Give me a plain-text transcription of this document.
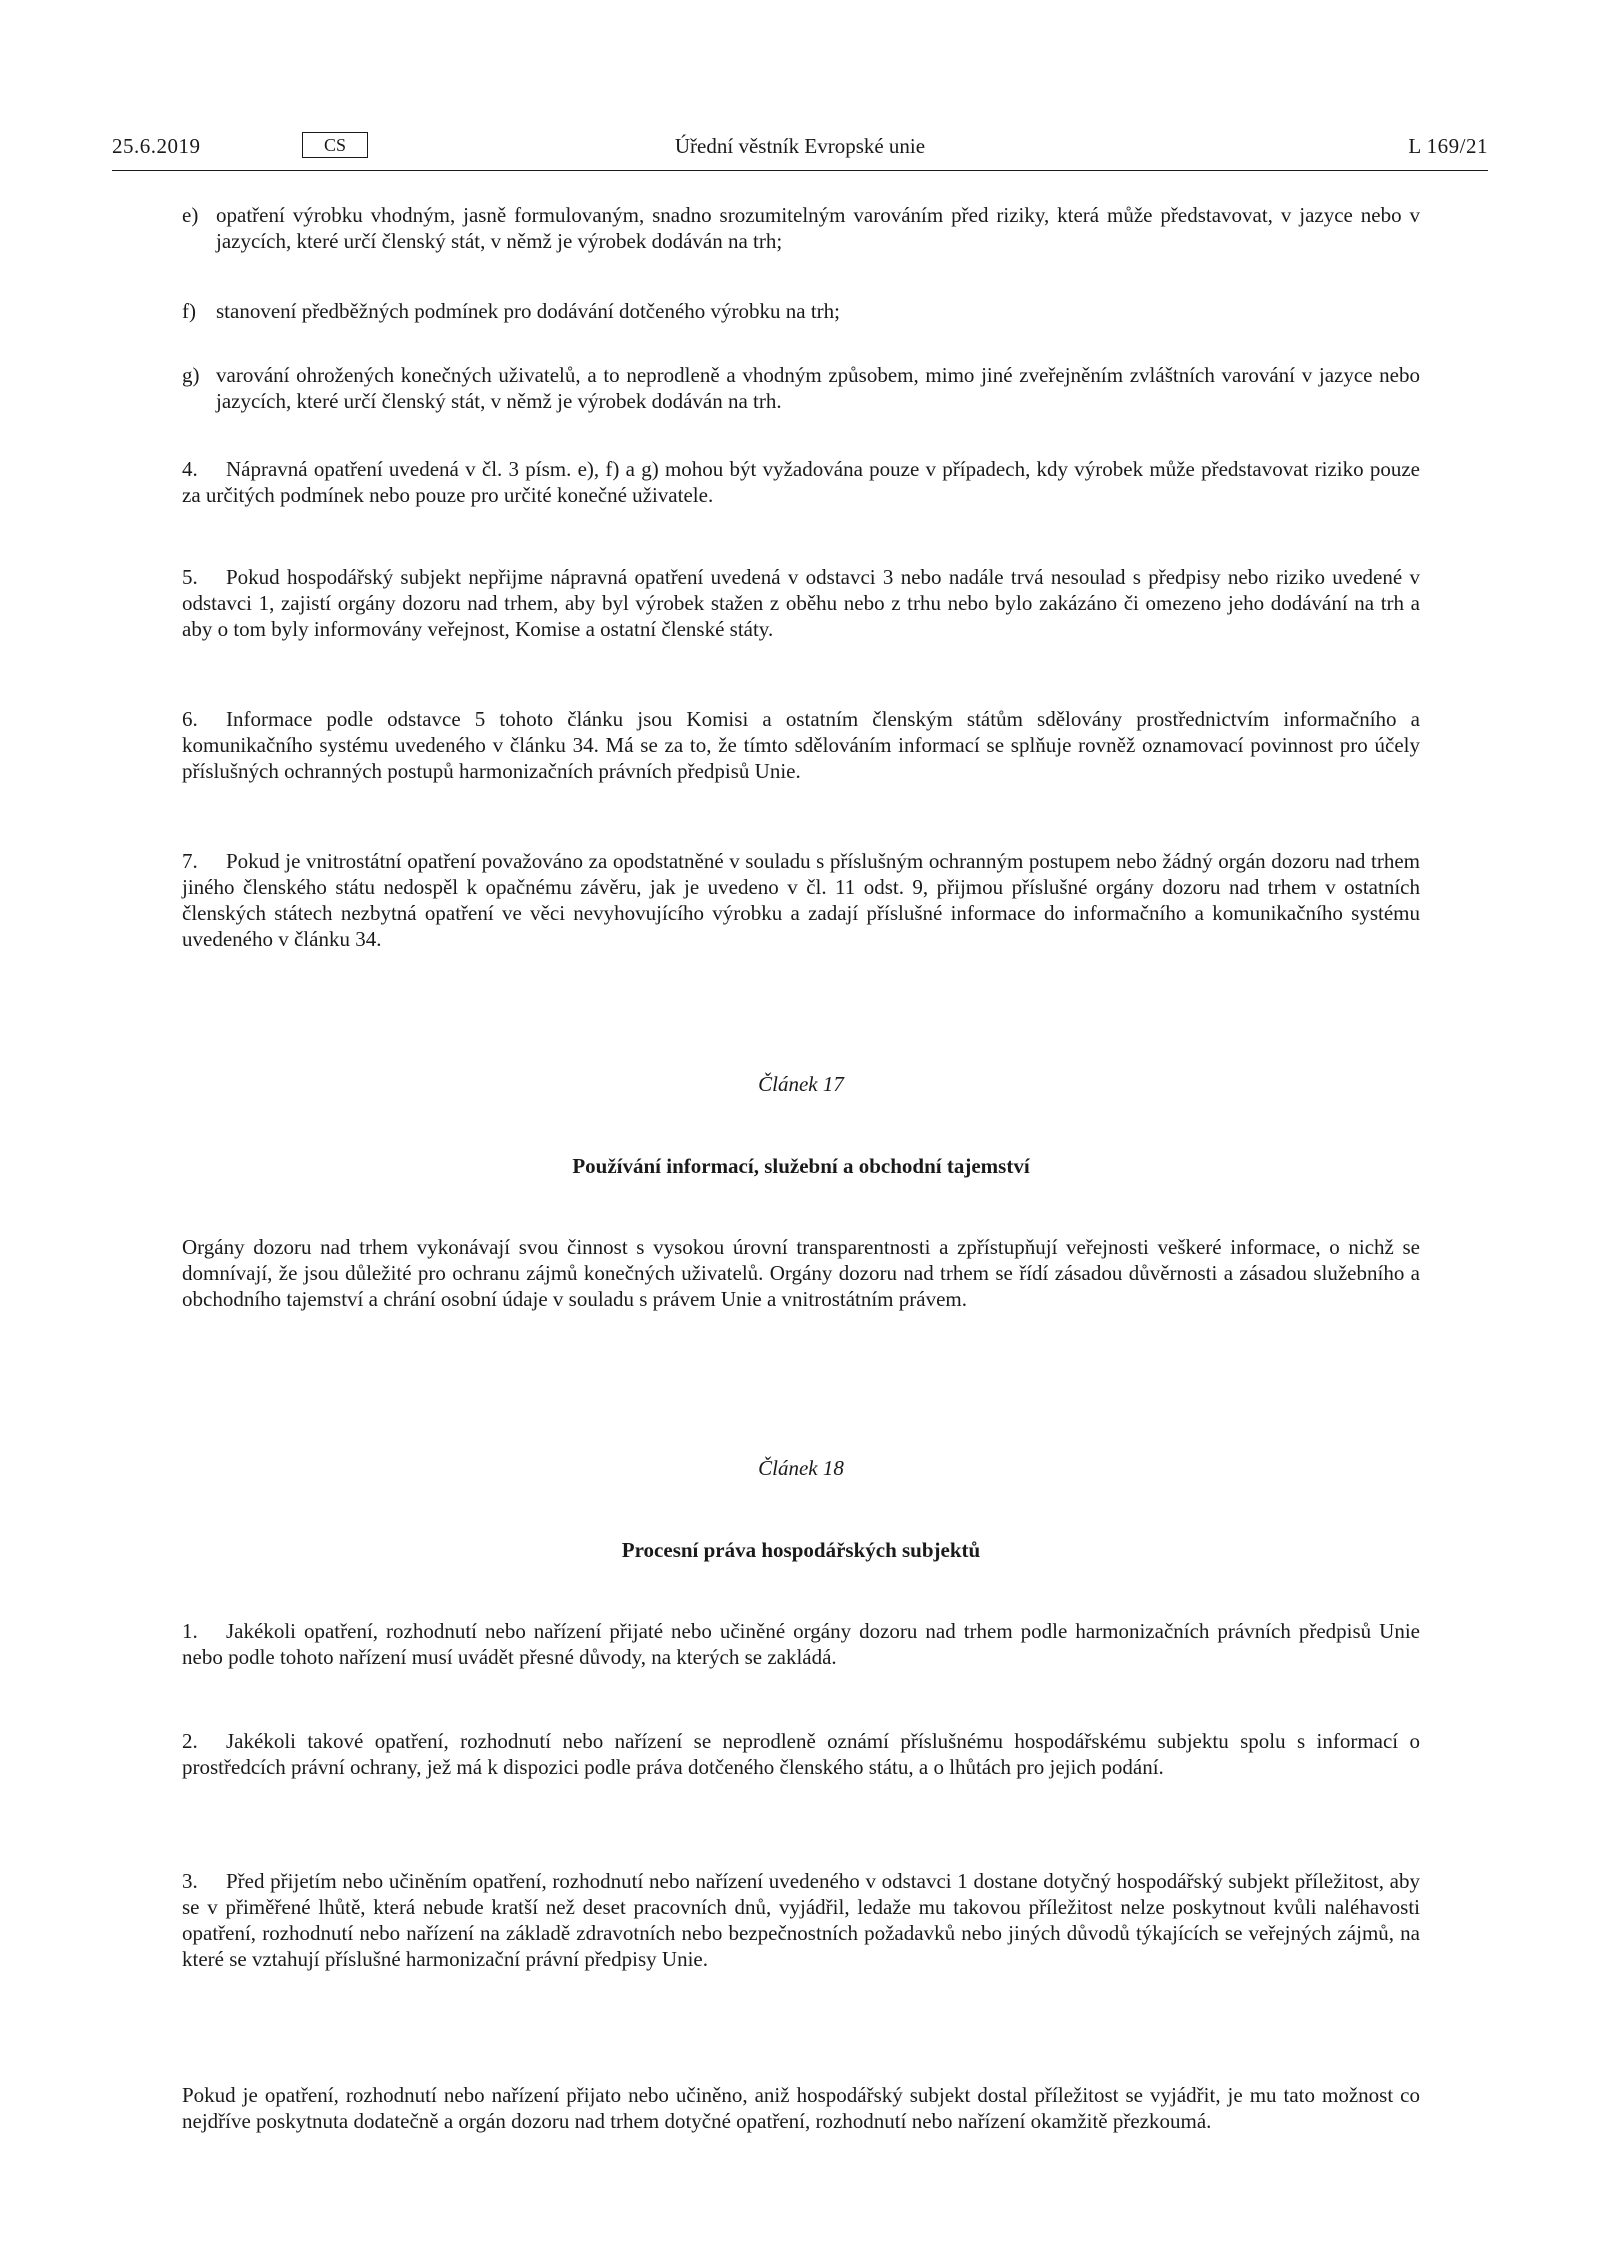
25.6.2019	CS	Úřední věstník Evropské unie	L 169/21
e) opatření výrobku vhodným, jasně formulovaným, snadno srozumitelným varováním před riziky, která může představovat, v jazyce nebo v jazycích, které určí členský stát, v němž je výrobek dodáván na trh;
f) stanovení předběžných podmínek pro dodávání dotčeného výrobku na trh;
g) varování ohrožených konečných uživatelů, a to neprodleně a vhodným způsobem, mimo jiné zveřejněním zvláštních varování v jazyce nebo jazycích, které určí členský stát, v němž je výrobek dodáván na trh.
4. Nápravná opatření uvedená v čl. 3 písm. e), f) a g) mohou být vyžadována pouze v případech, kdy výrobek může představovat riziko pouze za určitých podmínek nebo pouze pro určité konečné uživatele.
5. Pokud hospodářský subjekt nepřijme nápravná opatření uvedená v odstavci 3 nebo nadále trvá nesoulad s předpisy nebo riziko uvedené v odstavci 1, zajistí orgány dozoru nad trhem, aby byl výrobek stažen z oběhu nebo z trhu nebo bylo zakázáno či omezeno jeho dodávání na trh a aby o tom byly informovány veřejnost, Komise a ostatní členské státy.
6. Informace podle odstavce 5 tohoto článku jsou Komisi a ostatním členským státům sdělovány prostřednictvím informačního a komunikačního systému uvedeného v článku 34. Má se za to, že tímto sdělováním informací se splňuje rovněž oznamovací povinnost pro účely příslušných ochranných postupů harmonizačních právních předpisů Unie.
7. Pokud je vnitrostátní opatření považováno za opodstatněné v souladu s příslušným ochranným postupem nebo žádný orgán dozoru nad trhem jiného členského státu nedospěl k opačnému závěru, jak je uvedeno v čl. 11 odst. 9, přijmou příslušné orgány dozoru nad trhem v ostatních členských státech nezbytná opatření ve věci nevyhovujícího výrobku a zadají příslušné informace do informačního a komunikačního systému uvedeného v článku 34.
Článek 17
Používání informací, služební a obchodní tajemství
Orgány dozoru nad trhem vykonávají svou činnost s vysokou úrovní transparentnosti a zpřístupňují veřejnosti veškeré informace, o nichž se domnívají, že jsou důležité pro ochranu zájmů konečných uživatelů. Orgány dozoru nad trhem se řídí zásadou důvěrnosti a zásadou služebního a obchodního tajemství a chrání osobní údaje v souladu s právem Unie a vnitrostátním právem.
Článek 18
Procesní práva hospodářských subjektů
1. Jakékoli opatření, rozhodnutí nebo nařízení přijaté nebo učiněné orgány dozoru nad trhem podle harmonizačních právních předpisů Unie nebo podle tohoto nařízení musí uvádět přesné důvody, na kterých se zakládá.
2. Jakékoli takové opatření, rozhodnutí nebo nařízení se neprodleně oznámí příslušnému hospodářskému subjektu spolu s informací o prostředcích právní ochrany, jež má k dispozici podle práva dotčeného členského státu, a o lhůtách pro jejich podání.
3. Před přijetím nebo učiněním opatření, rozhodnutí nebo nařízení uvedeného v odstavci 1 dostane dotyčný hospodářský subjekt příležitost, aby se v přiměřené lhůtě, která nebude kratší než deset pracovních dnů, vyjádřil, ledaže mu takovou příležitost nelze poskytnout kvůli naléhavosti opatření, rozhodnutí nebo nařízení na základě zdravotních nebo bezpečnostních požadavků nebo jiných důvodů týkajících se veřejných zájmů, na které se vztahují příslušné harmonizační právní předpisy Unie.
Pokud je opatření, rozhodnutí nebo nařízení přijato nebo učiněno, aniž hospodářský subjekt dostal příležitost se vyjádřit, je mu tato možnost co nejdříve poskytnuta dodatečně a orgán dozoru nad trhem dotyčné opatření, rozhodnutí nebo nařízení okamžitě přezkoumá.
